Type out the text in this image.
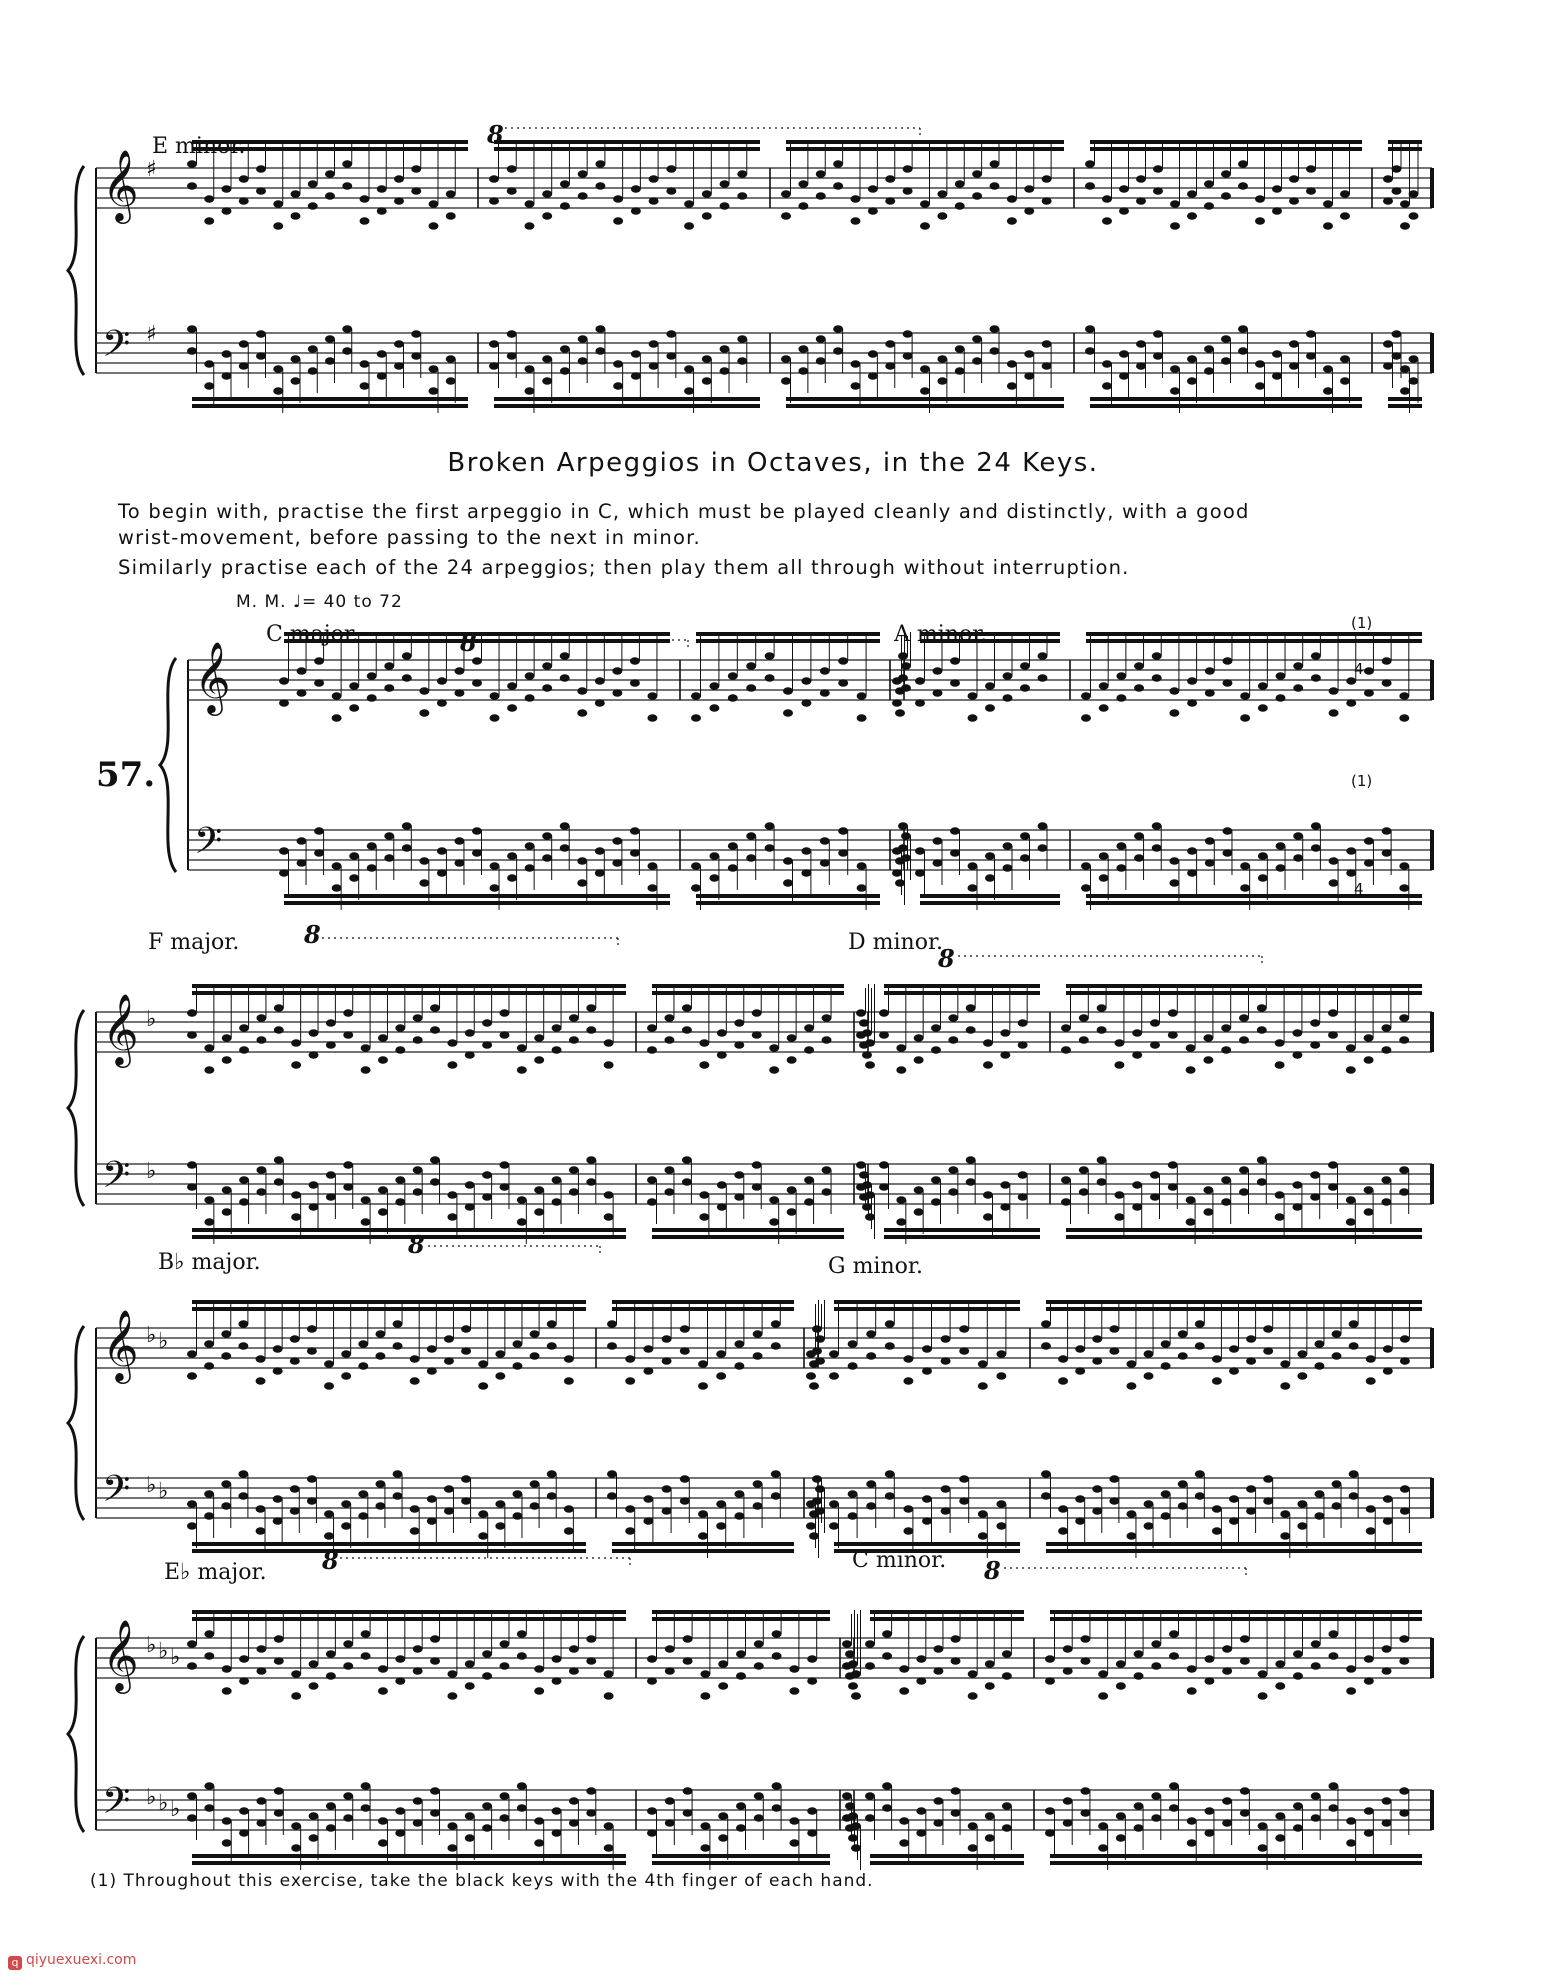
𝄞 ♯
𝄢 ♯
𝄞
𝄢
𝄞 ♭
𝄢 ♭
𝄞 ♭ ♭
𝄢 ♭ ♭
𝄞 ♭ ♭ ♭
𝄢 ♭ ♭ ♭
E minor.	8
Broken Arpeggios in Octaves, in the 24 Keys.
To begin with, practise the first arpeggio in C, which must be played cleanly and distinctly, with a good
wrist-movement, before passing to the next in minor.
Similarly practise each of the 24 arpeggios; then play them all through without interruption.
M. M. ♩= 40 to 72
57.
C major.	8	A minor.	(1)
4
(1)
4
F major.	8	D minor.
8
B♭ major.
8
G minor.
E♭ major. 8	C minor. 8
(1) Throughout this exercise, take the black keys with the 4th finger of each hand.
q qiyuexuexi.com
